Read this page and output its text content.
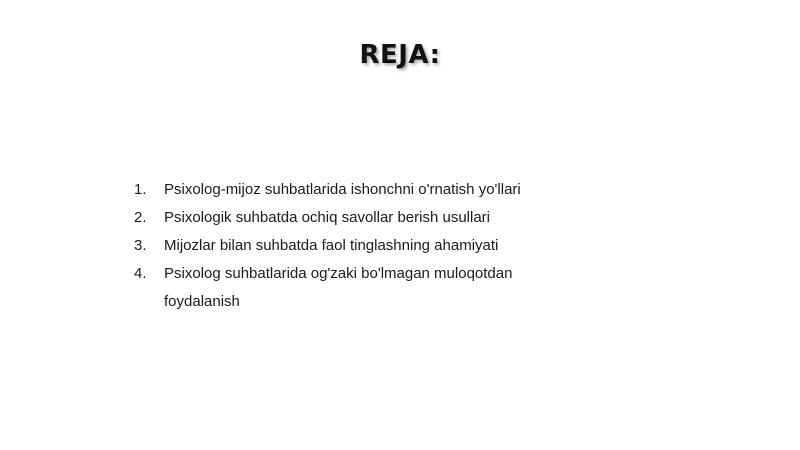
REJA:
1.	Psixolog-mijoz suhbatlarida ishonchni o'rnatish yo'llari
2.	Psixologik suhbatda ochiq savollar berish usullari
3.	Mijozlar bilan suhbatda faol tinglashning ahamiyati
4.	Psixolog suhbatlarida og'zaki bo'lmagan muloqotdan foydalanish
